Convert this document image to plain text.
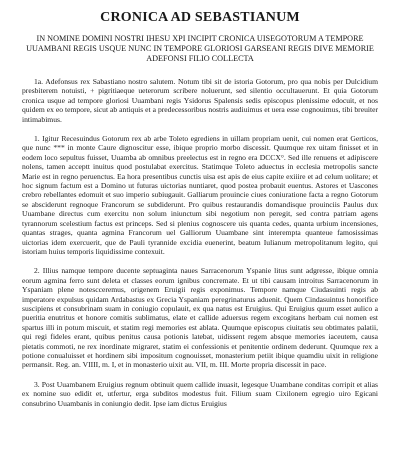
CRONICA AD SEBASTIANUM
IN NOMINE DOMINI NOSTRI IHESU XPI INCIPIT CRONICA UISEGOTORUM A TEMPORE UUAMBANI REGIS USQUE NUNC IN TEMPORE GLORIOSI GARSEANI REGIS DIVE MEMORIE ADEFONSI FILIO COLLECTA

1a. Adefonsus rex Sabastiano nostro salutem. Notum tibi sit de istoria Gotorum, pro qua nobis per Dulcidium presbiterem notuisti, + pigritiaeque ueterorum scribere noluerunt, sed silentio occultauerunt. Et quia Gotorum cronica usque ad tempore gloriosi Uuambani regis Ysidorus Spalensis sedis episcopus plenissime edocuit, et nos quidem ex eo tempore, sicut ab antiquis et a predecessoribus nostris audiuimus et uera esse cognouimus, tibi breuiter intimabimus.

1. Igitur Recesuindus Gotorum rex ab arbe Toleto egrediens in uillam propriam uenit, cui nomen erat Gerticos, que nunc *** in monte Caure dignoscitur esse, ibique proprio morbo discessit. Quumque rex uitam finisset et in eodem loco sepultus fuisset, Uuamba ab omnibus preelectus est in regno era DCCX°. Sed ille renuens et adipiscere nolens, tamen acceptt inuitus quod postulabat exercitus. Statimque Toleto aduectus in ecclesia metropolis sancte Marie est in regno peruenctus. Ea hora presentibus cunctis uisa est apis de eius capite exiiire et ad celum uolitare; et hoc signum factum est a Domino ut futuras uictorias nuntiaret, quod postea probauit euentus. Astores et Uascones crebro rebellantes edomuit et suo imperio subiugauit. Galliarum prouincie ciues coniuratione facta a regno Gotorum se absciderunt regnoque Francorum se subdiderunt. Pro quibus restaurandis domandisque prouinciis Paulus dux Uuambane directus cum exercitu non solum iniunctum sibi negotium non peregit, sed contra patriam agens tyrannorum scelestium factus est princeps. Sed si plenius cognoscere uis quanta cedes, quanta urbium incensiones, quantas strages, quanta agmina Francorum uel Galliorum Uuambane sint interempta quanteue famosissimas uictorias idem exercuerit, que de Pauli tyrannide excidia euenerint, beatum Iulianum metropolitanum legito, qui istoriam huius temporis liquidissime contexuit.

2. Illius namque tempore ducente septuaginta naues Sarracenorum Yspanie litus sunt adgresse, ibique omnia eorum agmina ferro sunt deleta et classes eorum ignibus concremate. Et ut tibi causam introitus Sarracenorum in Yspaniam plene notescceremus, origenem Eruigii regis exponimus. Tempore namque Ciudasuinti regis ab imperatore expulsus quidam Ardabastus ex Grecia Yspaniam peregrinaturus aduenit. Quem Cindasuintus honorifice suscipiens et consubrinam suam in coniugio copulauit, ex qua natus est Eruigius. Qui Eruigius quum esset aulico a pueritia enutritus et honore comitis sublimatus, elate et callide aduersus regem excogitans herbam cui nomen est spartus illi in potum miscuit, et statim regi memories est ablata. Quumque episcopus ciuitatis seu obtimates palatii, qui regi fideles erant, quibus penitus causa potionis latebat, uidissent regem absque memories iaceutem, causa pietatis commoti, ne rex inordinate migraret, statim ei confessionis et penitentie ordinem dederunt. Quumque rex a potione conualuisset et hordinem sibi impositum cognouisset, monasterium petiit ibique quamdiu uixit in religione permansit. Reg. an. VIIII, m. I, et in monasterio uixit au. VII, m. III. Morte propria discessit in pace.

3. Post Uuambanem Eruigius regnum obtinuit quem callide inuasit, legesque Uuambane conditas corripit et alias ex nomine suo edidit et, utfertur, erga subditos modestus fuit. Filium suam Cixilonem egregio uiro Egicani consubrino Uuambanis in coniungio dedit. Ipse iam dictus Eruigius
